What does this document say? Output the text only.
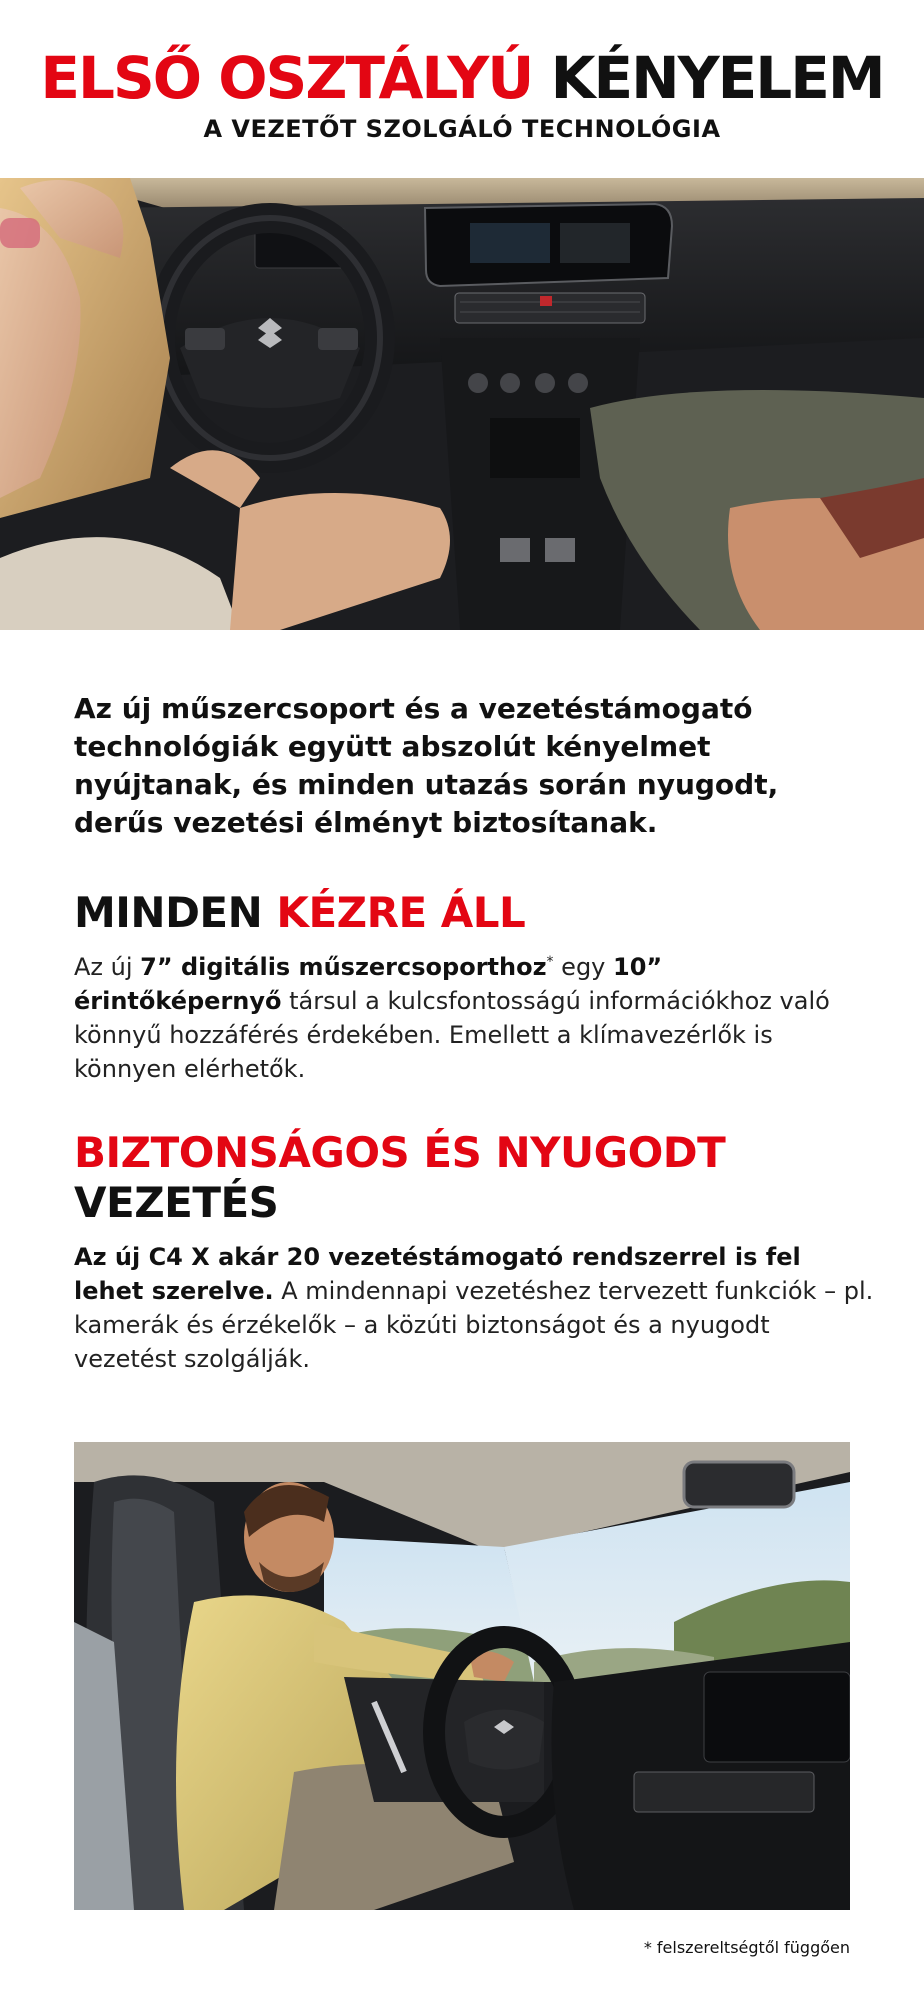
ELSŐ OSZTÁLYÚ KÉNYELEM
A VEZETŐT SZOLGÁLÓ TECHNOLÓGIA
Az új műszercsoport és a vezetéstámogató technológiák együtt abszolút kényelmet nyújtanak, és minden utazás során nyugodt, derűs vezetési élményt biztosítanak.
MINDEN KÉZRE ÁLL
Az új 7” digitális műszercsoporthoz* egy 10” érintőképernyő társul a kulcsfontosságú információkhoz való könnyű hozzáférés érdekében. Emellett a klímavezérlők is könnyen elérhetők.
BIZTONSÁGOS ÉS NYUGODT
VEZETÉS
Az új C4 X akár 20 vezetéstámogató rendszerrel is fel lehet szerelve. A mindennapi vezetéshez tervezett funkciók – pl. kamerák és érzékelők – a közúti biztonságot és a nyugodt vezetést szolgálják.
* felszereltségtől függően
